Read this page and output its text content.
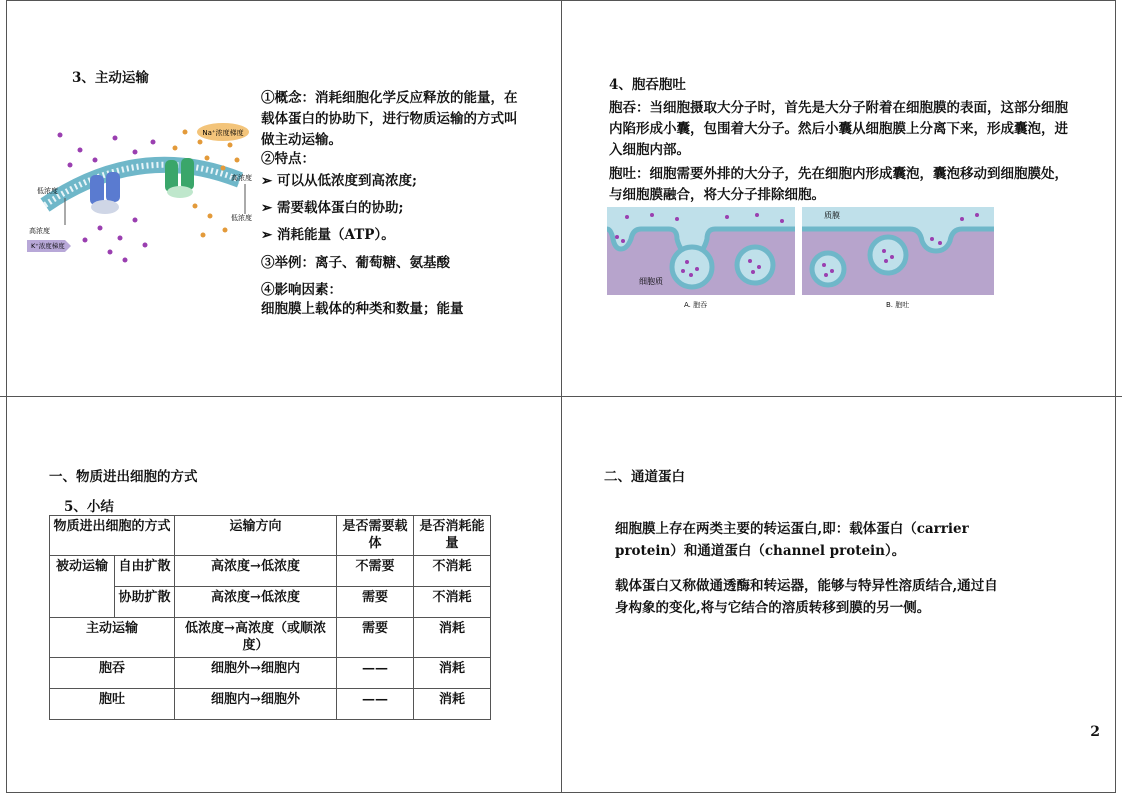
3、主动运输
Na⁺浓度梯度
低浓度
高浓度
K⁺浓度梯度
高浓度
低浓度
①概念：消耗细胞化学反应释放的能量，在载体蛋白的协助下，进行物质运输的方式叫做主动运输。
②特点：
➢ 可以从低浓度到高浓度;
➢ 需要载体蛋白的协助;
➢ 消耗能量（ATP）。
③举例：离子、葡萄糖、氨基酸
④影响因素：
细胞膜上载体的种类和数量；能量
4、胞吞胞吐
胞吞：当细胞摄取大分子时，首先是大分子附着在细胞膜的表面，这部分细胞内陷形成小囊，包围着大分子。然后小囊从细胞膜上分离下来，形成囊泡，进入细胞内部。
胞吐：细胞需要外排的大分子，先在细胞内形成囊泡，囊泡移动到细胞膜处，与细胞膜融合，将大分子排除细胞。
细胞质
质膜
A. 胞吞	B. 胞吐
一、物质进出细胞的方式
5、小结
物质进出细胞的方式		运输方向	是否需要载体	是否消耗能量
被动运输	自由扩散	高浓度→低浓度	不需要	不消耗
	协助扩散	高浓度→低浓度	需要	不消耗
主动运输		低浓度→高浓度（或顺浓度）	需要	消耗
胞吞		细胞外→细胞内	——	消耗
胞吐		细胞内→细胞外	——	消耗
二、通道蛋白
细胞膜上存在两类主要的转运蛋白,即：载体蛋白（carrier protein）和通道蛋白（channel protein）。
载体蛋白又称做通透酶和转运器，能够与特异性溶质结合,通过自身构象的变化,将与它结合的溶质转移到膜的另一侧。
2
